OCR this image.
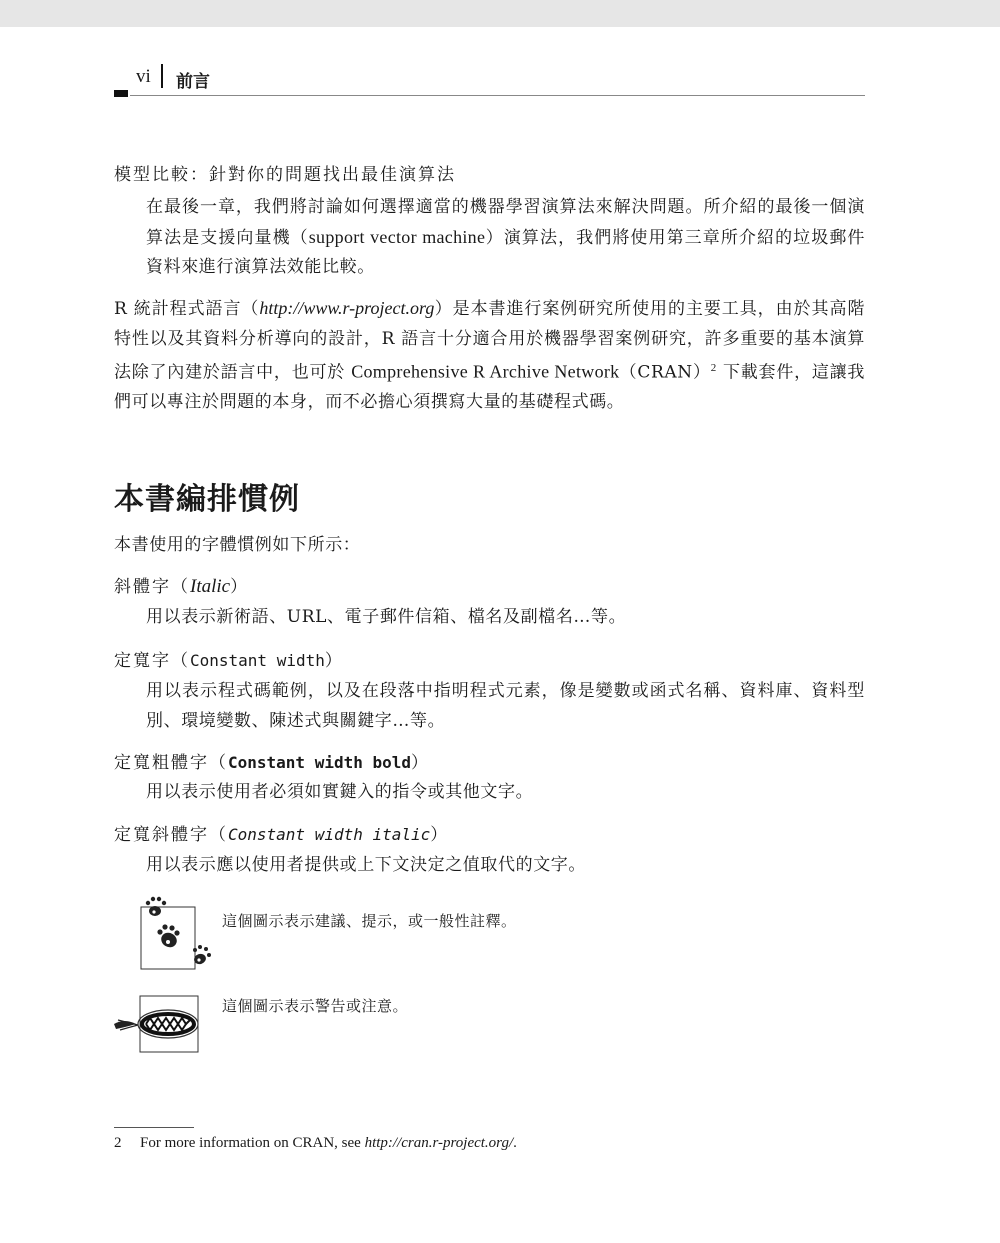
vi 前言
模型比較：針對你的問題找出最佳演算法
在最後一章，我們將討論如何選擇適當的機器學習演算法來解決問題。所介紹的最後一個演算法是支援向量機（support vector machine）演算法，我們將使用第三章所介紹的垃圾郵件資料來進行演算法效能比較。
R 統計程式語言（http://www.r-project.org）是本書進行案例研究所使用的主要工具，由於其高階特性以及其資料分析導向的設計，R 語言十分適合用於機器學習案例研究，許多重要的基本演算法除了內建於語言中，也可於 Comprehensive R Archive Network（CRAN）$^2$ 下載套件，這讓我們可以專注於問題的本身，而不必擔心須撰寫大量的基礎程式碼。
本書編排慣例
本書使用的字體慣例如下所示：
斜體字（Italic）
用以表示新術語、URL、電子郵件信箱、檔名及副檔名…等。
定寬字（Constant width）
用以表示程式碼範例，以及在段落中指明程式元素，像是變數或函式名稱、資料庫、資料型別、環境變數、陳述式與關鍵字…等。
定寬粗體字（Constant width bold）
用以表示使用者必須如實鍵入的指令或其他文字。
定寬斜體字（Constant width italic）
用以表示應以使用者提供或上下文決定之值取代的文字。
這個圖示表示建議、提示，或一般性註釋。
這個圖示表示警告或注意。
2 For more information on CRAN, see http://cran.r-project.org/.
